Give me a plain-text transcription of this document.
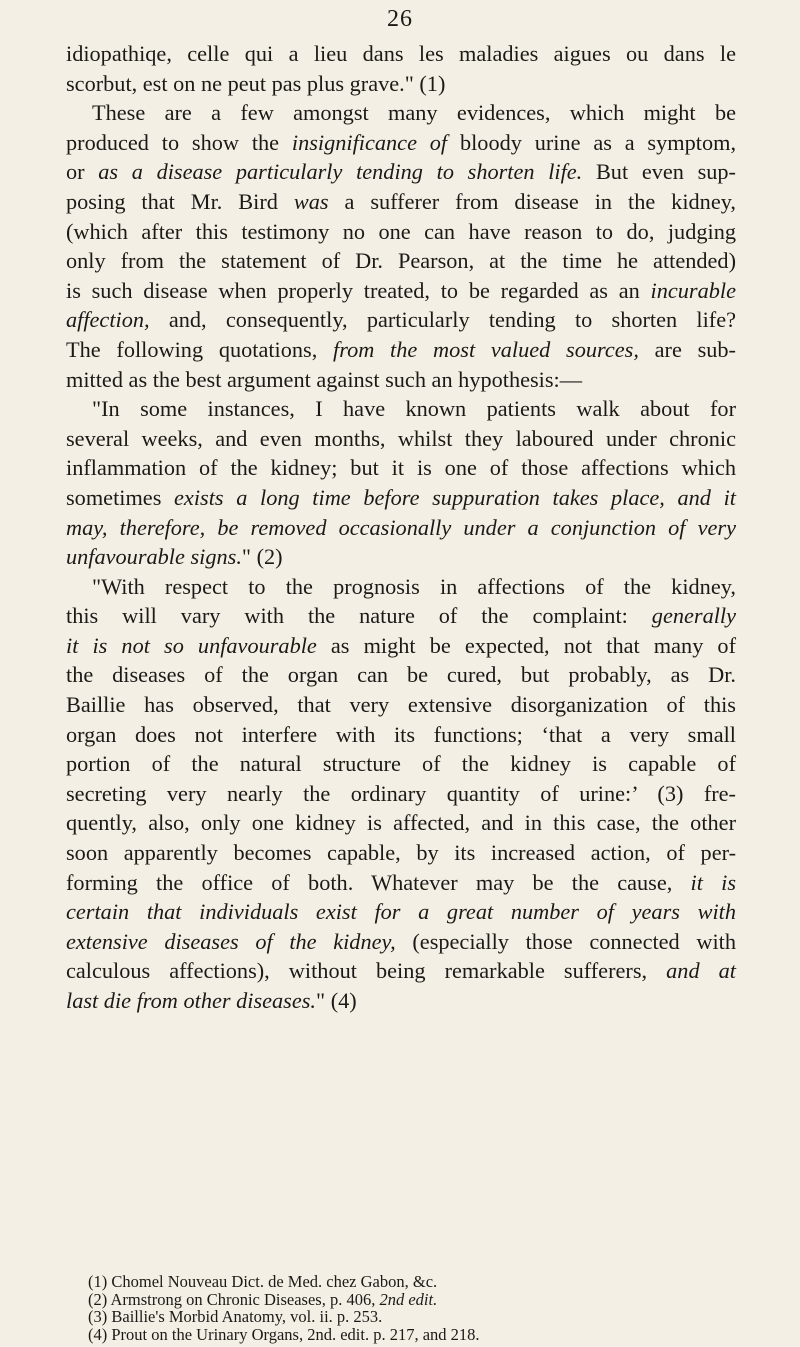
26
idiopathiqe, celle qui a lieu dans les maladies aigues ou dans le
scorbut, est on ne peut pas plus grave." (1)
These are a few amongst many evidences, which might be
produced to show the insignificance of bloody urine as a symptom,
or as a disease particularly tending to shorten life. But even sup-
posing that Mr. Bird was a sufferer from disease in the kidney,
(which after this testimony no one can have reason to do, judging
only from the statement of Dr. Pearson, at the time he attended)
is such disease when properly treated, to be regarded as an incurable
affection, and, consequently, particularly tending to shorten life?
The following quotations, from the most valued sources, are sub-
mitted as the best argument against such an hypothesis:—
"In some instances, I have known patients walk about for
several weeks, and even months, whilst they laboured under chronic
inflammation of the kidney; but it is one of those affections which
sometimes exists a long time before suppuration takes place, and it
may, therefore, be removed occasionally under a conjunction of very
unfavourable signs." (2)
"With respect to the prognosis in affections of the kidney,
this will vary with the nature of the complaint: generally
it is not so unfavourable as might be expected, not that many of
the diseases of the organ can be cured, but probably, as Dr.
Baillie has observed, that very extensive disorganization of this
organ does not interfere with its functions; ‘that a very small
portion of the natural structure of the kidney is capable of
secreting very nearly the ordinary quantity of urine:’ (3) fre-
quently, also, only one kidney is affected, and in this case, the other
soon apparently becomes capable, by its increased action, of per-
forming the office of both. Whatever may be the cause, it is
certain that individuals exist for a great number of years with
extensive diseases of the kidney, (especially those connected with
calculous affections), without being remarkable sufferers, and at
last die from other diseases." (4)
(1) Chomel Nouveau Dict. de Med. chez Gabon, &c.
(2) Armstrong on Chronic Diseases, p. 406, 2nd edit.
(3) Baillie's Morbid Anatomy, vol. ii. p. 253.
(4) Prout on the Urinary Organs, 2nd. edit. p. 217, and 218.
